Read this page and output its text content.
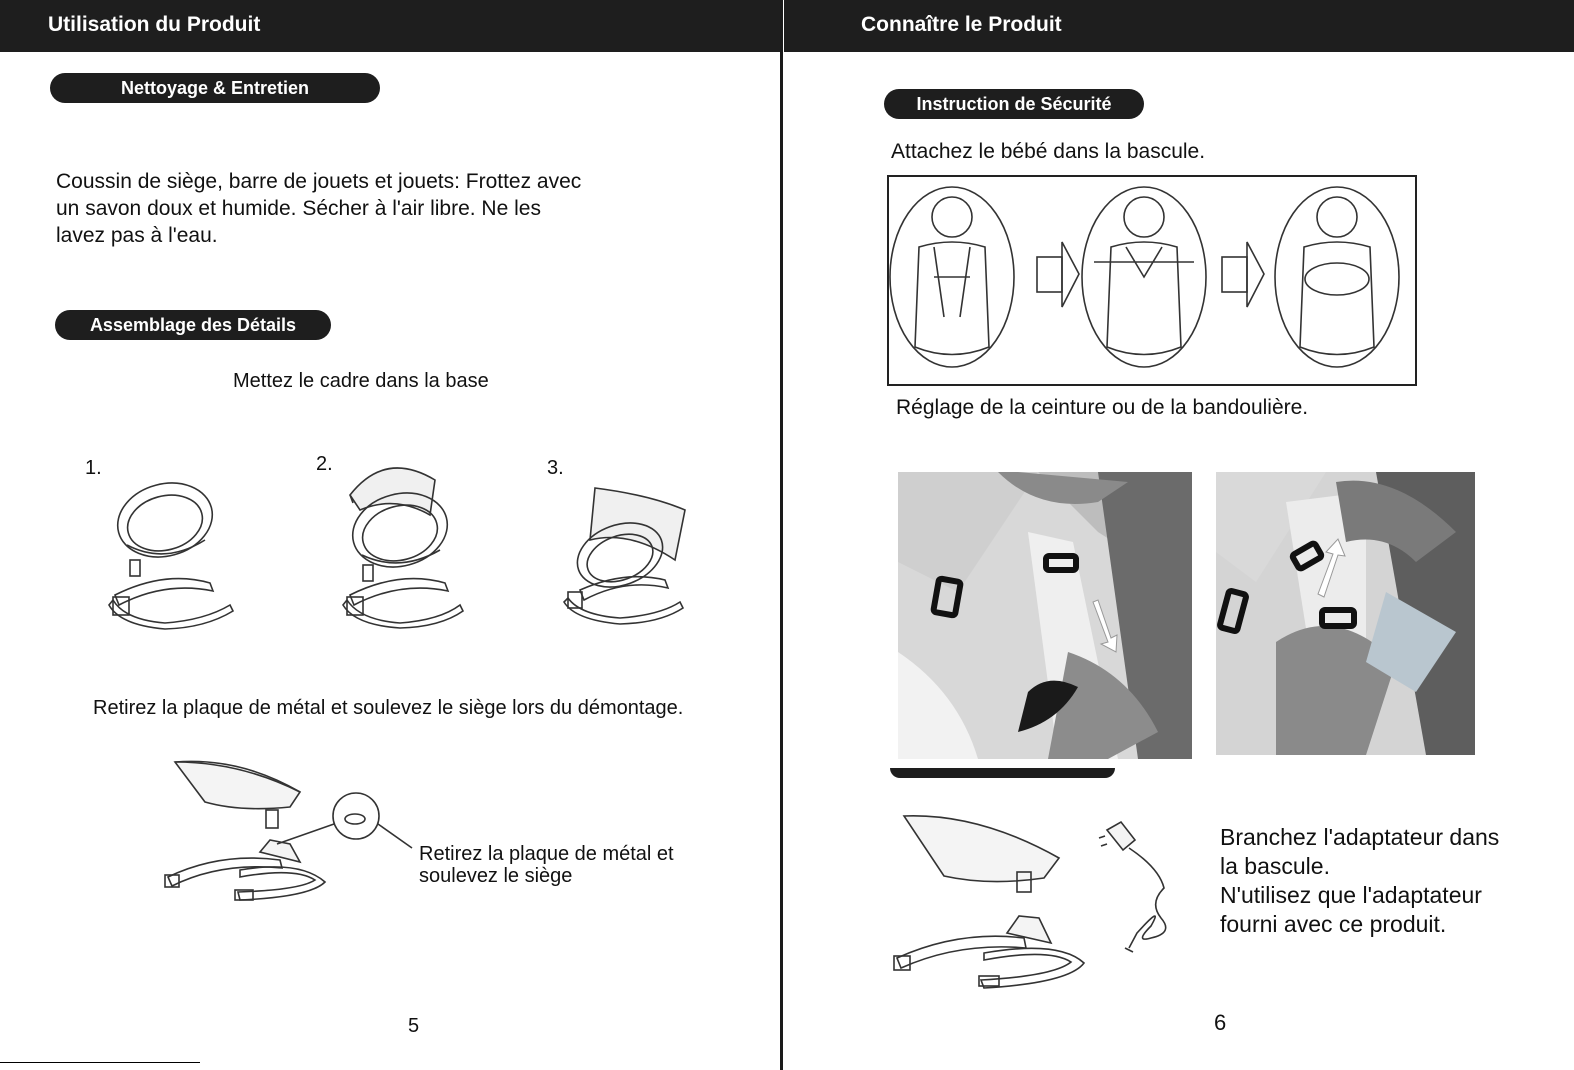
Utilisation du Produit
Nettoyage & Entretien
Coussin de siège, barre de jouets et jouets: Frottez avec
un savon doux et humide. Sécher à l'air libre. Ne les
lavez pas à l'eau.
Assemblage des Détails
Mettez le cadre dans la base
1.	2.	3.
Retirez la plaque de métal et soulevez le siège lors du démontage.
Retirez la plaque de métal et
soulevez le siège
5
Connaître le Produit
Instruction de Sécurité
Attachez le bébé dans la bascule.
Réglage de la ceinture ou de la bandoulière.
Branchez l'adaptateur dans
la bascule.
N'utilisez que l'adaptateur
fourni avec ce produit.
6
